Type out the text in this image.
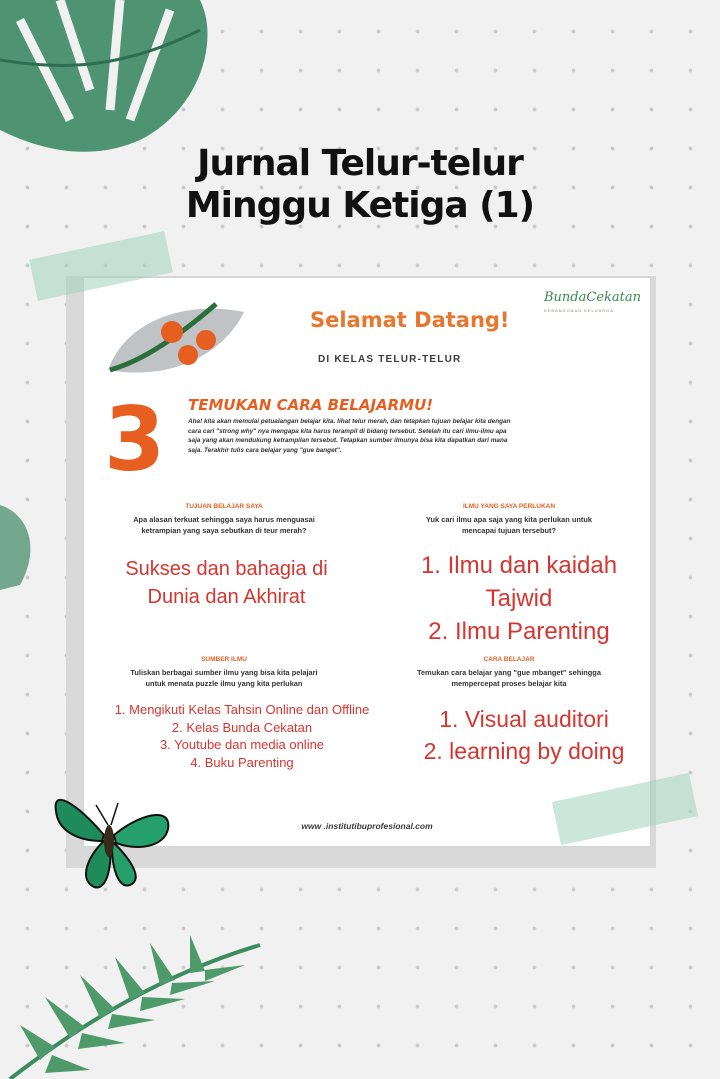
Jurnal Telur-telur
Minggu Ketiga (1)
BundaCekatan
KEBANGGAAN KELUARGA
Selamat Datang!
DI KELAS TELUR-TELUR
3 TEMUKAN CARA BELAJARMU!
Aha! kita akan memulai petualangan belajar kita. lihat telur merah, dan tetapkan tujuan belajar kita dengan cara cari "strong why" nya mengapa kita harus terampil di bidang tersebut. Setelah itu cari ilmu-ilmu apa saja yang akan mendukung ketrampilan tersebut. Tetapkan sumber ilmunya bisa kita dapatkan dari mana saja. Terakhir tulis cara belajar yang "gue banget".
TUJUAN BELAJAR SAYA
Apa alasan terkuat sehingga saya harus menguasai
ketrampian yang saya sebutkan di teur merah?
Sukses dan bahagia di
Dunia dan Akhirat
ILMU YANG SAYA PERLUKAN
Yuk cari ilmu apa saja yang kita perlukan untuk
mencapai tujuan tersebut?
1. Ilmu dan kaidah
Tajwid
2. Ilmu Parenting
SUMBER ILMU
Tuliskan berbagai sumber ilmu yang bisa kita pelajari
untuk menata puzzle ilmu yang kita perlukan
1. Mengikuti Kelas Tahsin Online dan Offline
2. Kelas Bunda Cekatan
3. Youtube dan media online
4. Buku Parenting
CARA BELAJAR
Temukan cara belajar yang "gue mbanget" sehingga
mempercepat proses belajar kita
1. Visual auditori
2. learning by doing
www .institutibuprofesional.com
